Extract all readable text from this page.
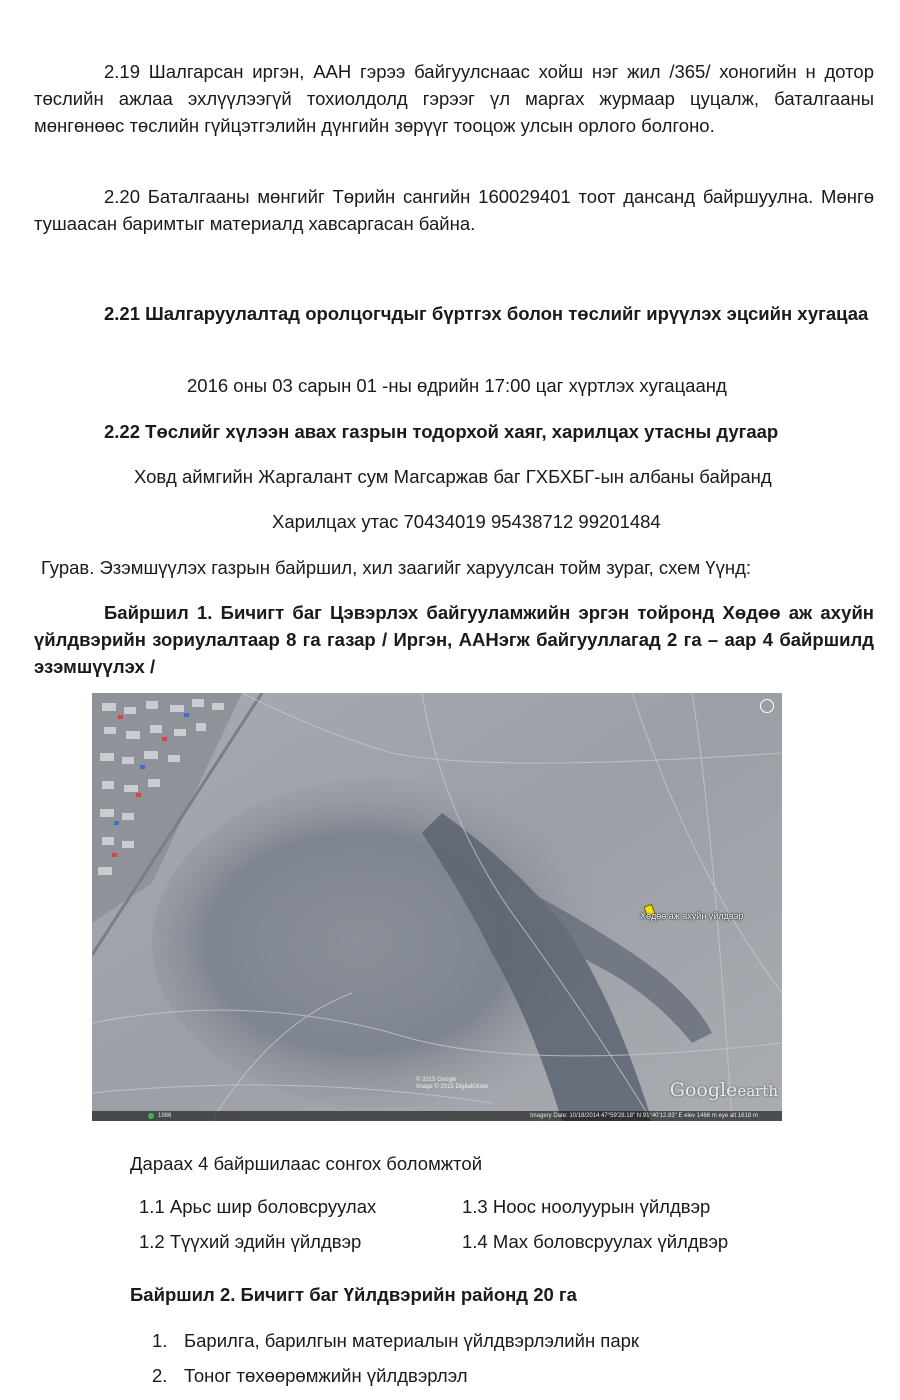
2.19 Шалгарсан иргэн, ААН гэрээ байгуулснаас хойш нэг жил /365/ хоногийн н дотор төслийн ажлаа эхлүүлээгүй тохиолдолд гэрээг үл маргах журмаар цуцалж, баталгааны мөнгөнөөс төслийн гүйцэтгэлийн дүнгийн зөрүүг тооцож улсын орлого болгоно.
2.20 Баталгааны мөнгийг Төрийн сангийн 160029401 тоот дансанд байршуулна. Мөнгө тушаасан баримтыг материалд хавсаргасан байна.
2.21 Шалгаруулалтад оролцогчдыг бүртгэх болон төслийг ирүүлэх эцсийн хугацаа
2016 оны 03 сарын 01 -ны өдрийн 17:00 цаг хүртлэх хугацаанд
2.22 Төслийг хүлээн авах газрын тодорхой хаяг, харилцах утасны дугаар
Ховд аймгийн Жаргалант сум Магсаржав баг ГХБХБГ-ын албаны байранд
Харилцах утас 70434019 95438712 99201484
Гурав. Эзэмшүүлэх газрын байршил, хил заагийг харуулсан тойм зураг, схем Үүнд:
Байршил 1. Бичигт баг Цэвэрлэх байгууламжийн эргэн тойронд Хөдөө аж ахуйн үйлдвэрийн зориулалтаар 8 га газар / Иргэн, ААНэгж байгууллагад 2 га – аар 4 байршилд эзэмшүүлэх /
Хөдөө аж ахуйн үйлдвэр
© 2015 Google
Image © 2015 DigitalGlobe	Googleearth
1986	Imagery Date: 10/18/2014 47°59'28.18" N 91°40'12.83" E elev 1466 m eye alt 1618 m
Дараах 4 байршилаас сонгох боломжтой
1.1 Арьс шир боловсруулах	1.3 Ноос ноолуурын үйлдвэр
1.2 Түүхий эдийн үйлдвэр	1.4 Мах боловсруулах үйлдвэр
Байршил 2. Бичигт баг Үйлдвэрийн районд 20 га
1. Барилга, барилгын материалын үйлдвэрлэлийн парк
2. Тоног төхөөрөмжийн үйлдвэрлэл
